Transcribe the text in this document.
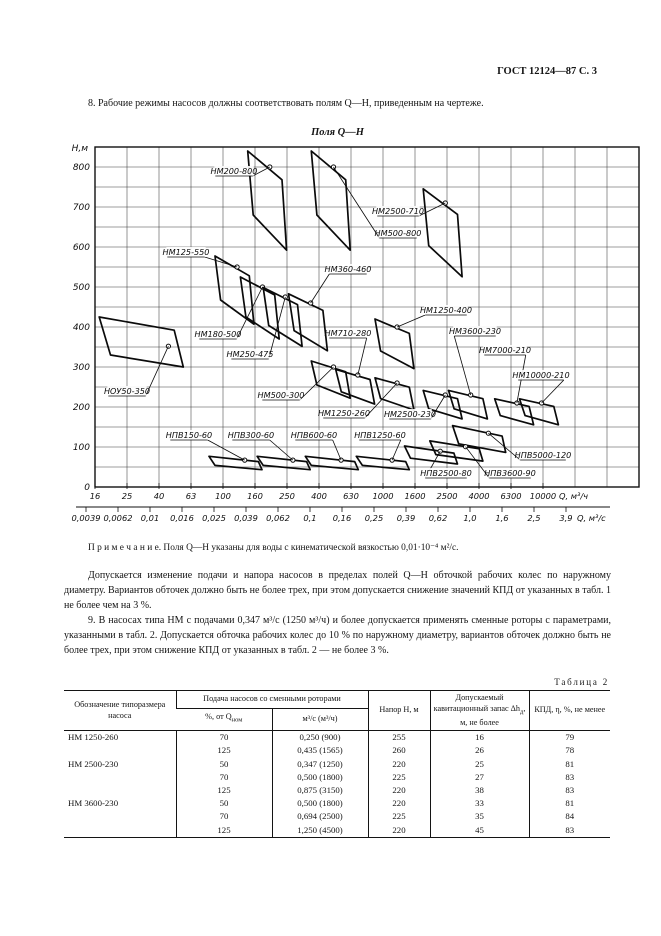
ГОСТ 12124—87 С. 3

8. Рабочие режимы насосов должны соответствовать полям Q—H, приведенным на чертеже.

Поля Q—H
Н,м
0
100
200
300
400
500
600
700
800
16	25	40	63 100 160 250 400 630 1000 1600 2500 4000 6300 10000 Q, м³/ч
0,0039 0,0062 0,01 0,016 0,025 0,039 0,062 0,1 0,16 0,25 0,39 0,62 1,0 1,6 2,5 3,9 Q, м³/с
НМ200-800
НМ2500-710
НМ500-800
НМ125-550
НМ360-460
НМ1250-400
НМ180-500	НМ710-280	НМ3600-230
НМ250-475	НМ7000-210
НМ10000-210
НОУ50-350	НМ500-300
НМ1250-260 НМ2500-230
НПВ150-60 НПВ300-60 НПВ600-60 НПВ1250-60
НПВ5000-120
НПВ2500-80 НПВ3600-90

П р и м е ч а н и е. Поля Q—H указаны для воды с кинематической вязкостью 0,01·10⁻⁴ м²/с.

Допускается изменение подачи и напора насосов в пределах полей Q—H обточкой рабочих колес по наружному диаметру. Вариантов обточек должно быть не более трех, при этом допускается снижение значений КПД от указанных в табл. 1 не более чем на 3 %.

9. В насосах типа НМ с подачами 0,347 м³/с (1250 м³/ч) и более допускается применять сменные роторы с параметрами, указанными в табл. 2. Допускается обточка рабочих колес до 10 % по наружному диаметру, вариантов обточек должно быть не более трех, при этом снижение КПД от указанных в табл. 2 — не более 3 %.

Таблица 2
Обозначение типоразмера насоса	Подача насосов со сменными роторами		Напор Н, м	Допускаемый кавитационный запас $\Delta h_д$, м, не более	КПД, η, %, не менее
	%, от $Q_{ном}$	м³/с (м³/ч)			
НМ 1250-260	70	0,250 (900)	255	16	79
	125	0,435 (1565)	260	26	78
НМ 2500-230	50	0,347 (1250)	220	25	81
	70	0,500 (1800)	225	27	83
	125	0,875 (3150)	220	38	83
НМ 3600-230	50	0,500 (1800)	220	33	81
	70	0,694 (2500)	225	35	84
	125	1,250 (4500)	220	45	83
